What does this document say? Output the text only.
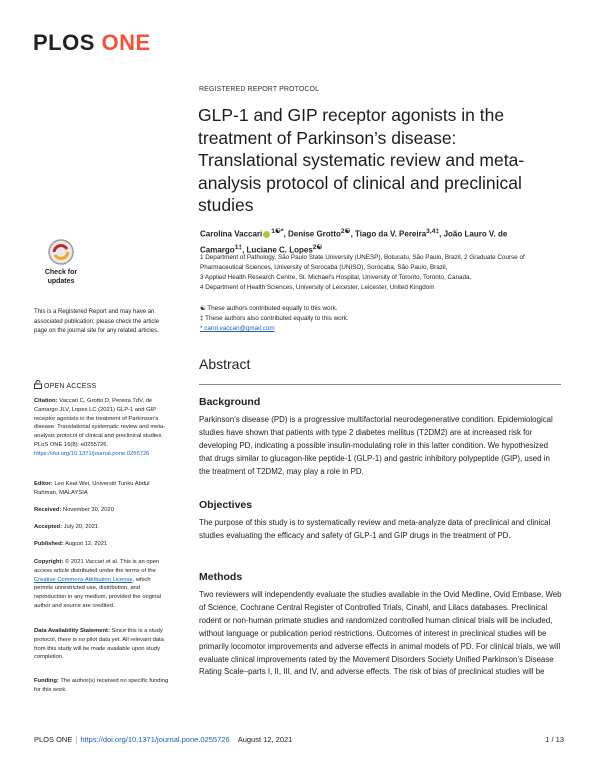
PLOS ONE
REGISTERED REPORT PROTOCOL
GLP-1 and GIP receptor agonists in the treatment of Parkinson’s disease: Translational systematic review and meta-analysis protocol of clinical and preclinical studies
Carolina Vaccari $^{1☯*}$, Denise Grotto$^{2☯}$, Tiago da V. Pereira$^{3,4\ddagger}$, João Lauro V. de Camargo$^{1\ddagger}$, Luciane C. Lopes$^{2☯}$
1 Department of Pathology, São Paulo State University (UNESP), Botucatu, São Paulo, Brazil, 2 Graduate Course of Pharmaceutical Sciences, University of Sorocaba (UNISO), Sorocaba, São Paulo, Brazil,
3 Applied Health Research Centre, St. Michael’s Hospital, University of Toronto, Toronto, Canada,
4 Department of Health Sciences, University of Leicester, Leicester, United Kingdom
☯ These authors contributed equally to this work.
‡ These authors also contributed equally to this work.
* carol.vaccari@gmail.com
Check for
updates
This is a Registered Report and may have an associated publication; please check the article page on the journal site for any related articles.
OPEN ACCESS
Citation: Vaccari C, Grotto D, Pereira TdV, de Camargo JLV, Lopes LC (2021) GLP-1 and GIP receptor agonists in the treatment of Parkinson’s disease: Translational systematic review and meta-analysis protocol of clinical and preclinical studies. PLoS ONE 16(8): e0255726. https://doi.org/10.1371/journal.pone.0255726
Editor: Leo Keat Wei, Universiti Tunku Abdul Rahman, MALAYSIA
Received: November 30, 2020
Accepted: July 20, 2021
Published: August 12, 2021
Copyright: © 2021 Vaccari et al. This is an open access article distributed under the terms of the Creative Commons Attribution License, which permits unrestricted use, distribution, and reproduction in any medium, provided the original author and source are credited.
Data Availability Statement: Since this is a study protocol, there is no pilot data yet. All relevant data from this study will be made available upon study completion.
Funding: The author(s) received no specific funding for this work.
Abstract
Background
Parkinson’s disease (PD) is a progressive multifactorial neurodegenerative condition. Epidemiological studies have shown that patients with type 2 diabetes mellitus (T2DM2) are at increased risk for developing PD, indicating a possible insulin-modulating role in this latter condition. We hypothesized that drugs similar to glucagon-like peptide-1 (GLP-1) and gastric inhibitory polypeptide (GIP), used in the treatment of T2DM2, may play a role in PD.
Objectives
The purpose of this study is to systematically review and meta-analyze data of preclinical and clinical studies evaluating the efficacy and safety of GLP-1 and GIP drugs in the treatment of PD.
Methods
Two reviewers will independently evaluate the studies available in the Ovid Medline, Ovid Embase, Web of Science, Cochrane Central Register of Controlled Trials, Cinahl, and Lilacs databases. Preclinical rodent or non-human primate studies and randomized controlled human clinical trials will be included, without language or publication period restrictions. Outcomes of interest in preclinical studies will be primarily locomotor improvements and adverse effects in animal models of PD. For clinical trials, we will evaluate clinical improvements rated by the Movement Disorders Society Unified Parkinson’s Disease Rating Scale–parts I, II, III, and IV, and adverse effects. The risk of bias of preclinical studies will be
PLOS ONE | https://doi.org/10.1371/journal.pone.0255726 August 12, 2021	1 / 13
